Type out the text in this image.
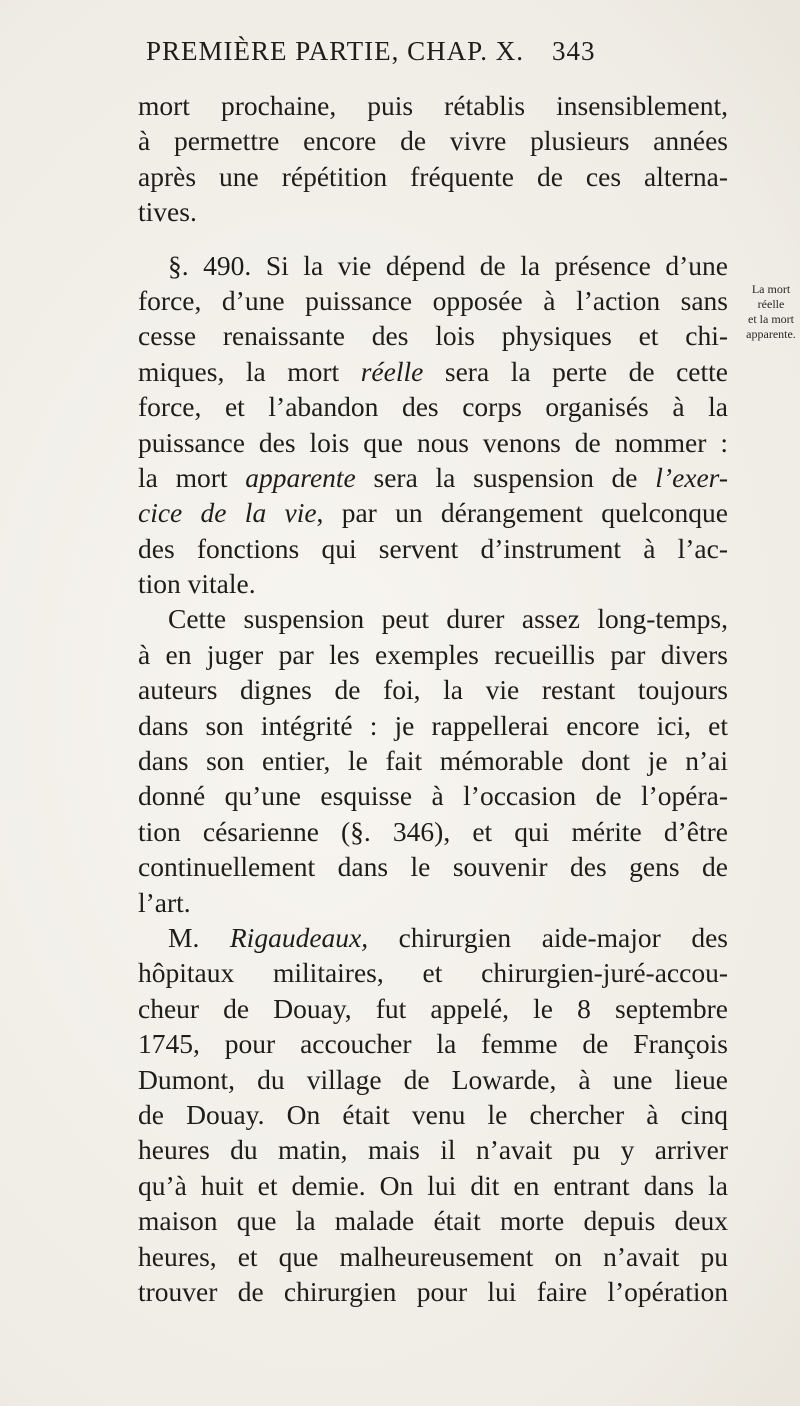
PREMIÈRE PARTIE, CHAP. X. 343
La mort réelle
et la mort
apparente.
mort prochaine, puis rétablis insensiblement,
à permettre encore de vivre plusieurs années
après une répétition fréquente de ces alterna-
tives.
§. 490. Si la vie dépend de la présence d’une
force, d’une puissance opposée à l’action sans
cesse renaissante des lois physiques et chi-
miques, la mort réelle sera la perte de cette
force, et l’abandon des corps organisés à la
puissance des lois que nous venons de nommer :
la mort apparente sera la suspension de l’exer-
cice de la vie, par un dérangement quelconque
des fonctions qui servent d’instrument à l’ac-
tion vitale.
Cette suspension peut durer assez long-temps,
à en juger par les exemples recueillis par divers
auteurs dignes de foi, la vie restant toujours
dans son intégrité : je rappellerai encore ici, et
dans son entier, le fait mémorable dont je n’ai
donné qu’une esquisse à l’occasion de l’opéra-
tion césarienne (§. 346), et qui mérite d’être
continuellement dans le souvenir des gens de
l’art.
M. Rigaudeaux, chirurgien aide-major des
hôpitaux militaires, et chirurgien-juré-accou-
cheur de Douay, fut appelé, le 8 septembre
1745, pour accoucher la femme de François
Dumont, du village de Lowarde, à une lieue
de Douay. On était venu le chercher à cinq
heures du matin, mais il n’avait pu y arriver
qu’à huit et demie. On lui dit en entrant dans la
maison que la malade était morte depuis deux
heures, et que malheureusement on n’avait pu
trouver de chirurgien pour lui faire l’opération
